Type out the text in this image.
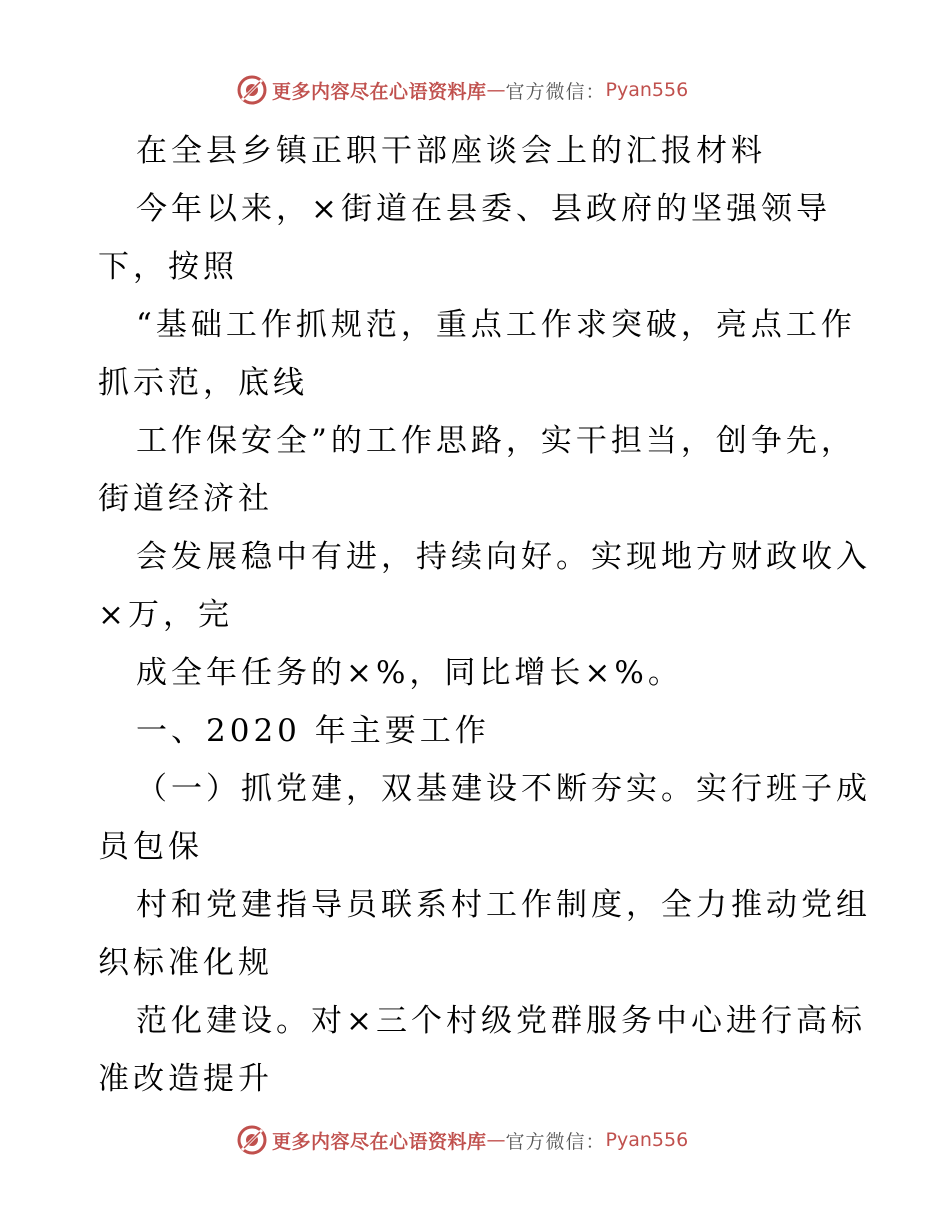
更多内容尽在心语资料库 — 官方微信： Pyan556
在全县乡镇正职干部座谈会上的汇报材料
今年以来，×街道在县委、县政府的坚强领导
下，按照
“基础工作抓规范，重点工作求突破，亮点工作
抓示范，底线
工作保安全”的工作思路，实干担当，创争先，
街道经济社
会发展稳中有进，持续向好。实现地方财政收入
×万，完
成全年任务的×%，同比增长×%。
一、2020 年主要工作
（一）抓党建，双基建设不断夯实。实行班子成
员包保
村和党建指导员联系村工作制度，全力推动党组
织标准化规
范化建设。对×三个村级党群服务中心进行高标
准改造提升
更多内容尽在心语资料库 — 官方微信： Pyan556
